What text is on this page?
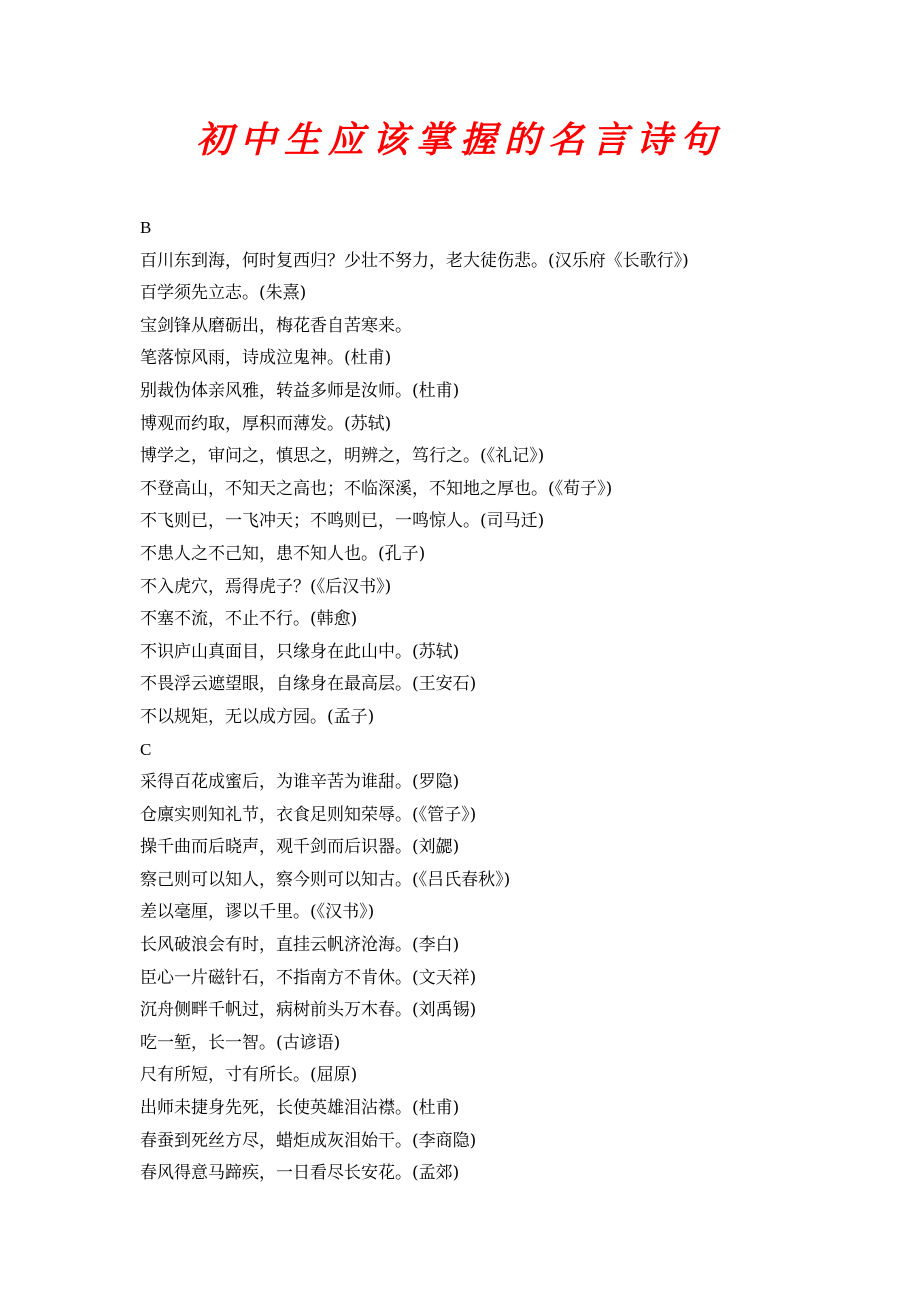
初中生应该掌握的名言诗句
B
百川东到海，何时复西归？少壮不努力，老大徒伤悲。(汉乐府《长歌行》)
百学须先立志。(朱熹)
宝剑锋从磨砺出，梅花香自苦寒来。
笔落惊风雨，诗成泣鬼神。(杜甫)
别裁伪体亲风雅，转益多师是汝师。(杜甫)
博观而约取，厚积而薄发。(苏轼)
博学之，审问之，慎思之，明辨之，笃行之。(《礼记》)
不登高山，不知天之高也；不临深溪，不知地之厚也。(《荀子》)
不飞则已，一飞冲天；不鸣则已，一鸣惊人。(司马迁)
不患人之不己知，患不知人也。(孔子)
不入虎穴，焉得虎子？(《后汉书》)
不塞不流，不止不行。(韩愈)
不识庐山真面目，只缘身在此山中。(苏轼)
不畏浮云遮望眼，自缘身在最高层。(王安石)
不以规矩，无以成方园。(孟子)
C
采得百花成蜜后，为谁辛苦为谁甜。(罗隐)
仓廪实则知礼节，衣食足则知荣辱。(《管子》)
操千曲而后晓声，观千剑而后识器。(刘勰)
察己则可以知人，察今则可以知古。(《吕氏春秋》)
差以毫厘，谬以千里。(《汉书》)
长风破浪会有时，直挂云帆济沧海。(李白)
臣心一片磁针石，不指南方不肯休。(文天祥)
沉舟侧畔千帆过，病树前头万木春。(刘禹锡)
吃一堑，长一智。(古谚语)
尺有所短，寸有所长。(屈原)
出师未捷身先死，长使英雄泪沾襟。(杜甫)
春蚕到死丝方尽，蜡炬成灰泪始干。(李商隐)
春风得意马蹄疾，一日看尽长安花。(孟郊)
